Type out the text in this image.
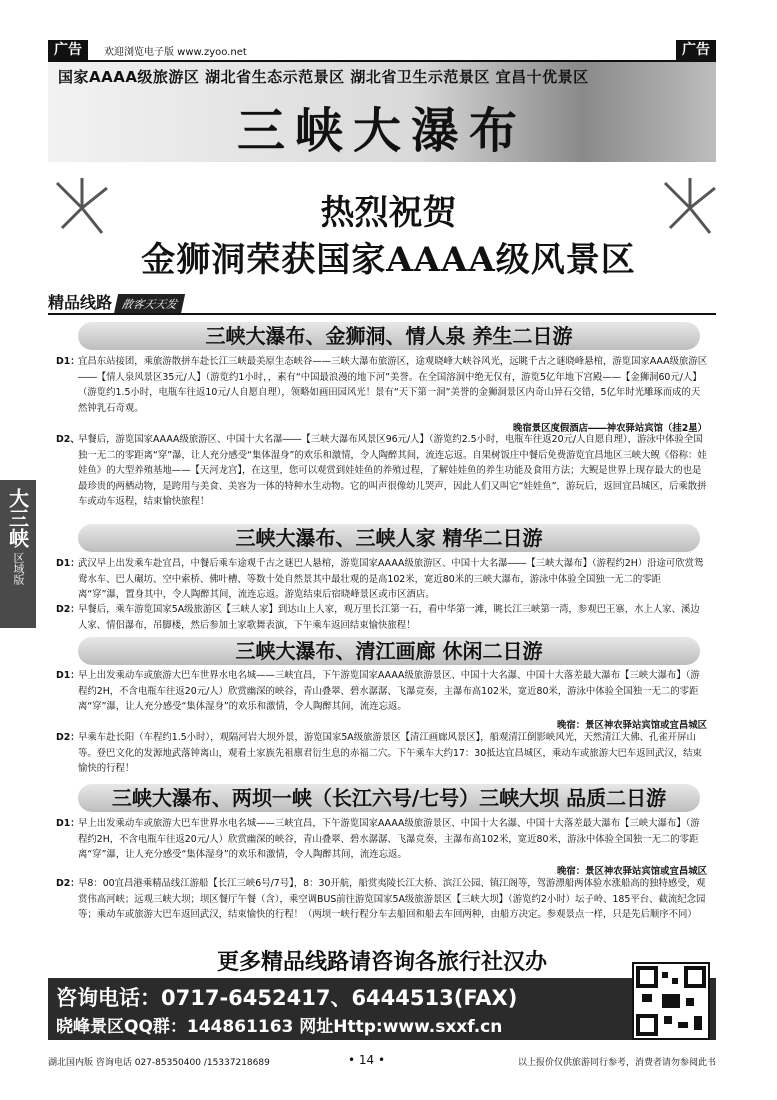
广告	欢迎浏览电子版 www.zyoo.net	广告
国家AAAA级旅游区 湖北省生态示范景区 湖北省卫生示范景区 宜昌十优景区
三峡大瀑布
热烈祝贺
金狮洞荣获国家AAAA级风景区
精品线路 散客天天发
大三峡
区域版
三峡大瀑布、金狮洞、情人泉 养生二日游
D1：
宜昌东站接团，乘旅游散拼车赴长江三峡最美原生态峡谷——三峡大瀑布旅游区，途观晓峰大峡谷风光，远眺千古之谜晓峰悬棺，游览国家AAA级旅游区――【情人泉风景区35元/人】（游览约1小时，，素有“中国最浪漫的地下河”美誉。在全国溶洞中绝无仅有，游览5亿年地下宫殿——【金狮洞60元/人】（游览约1.5小时，电瓶车往返10元/人自愿自理），领略如画田园风光！景有“天下第一洞”美誉的金狮洞景区内奇山异石交错，5亿年时光雕琢而成的天然钟乳石奇观。
晚宿景区度假酒店――神农驿站宾馆（挂2星）
D2、
早餐后，游览国家AAAA级旅游区、中国十大名瀑――【三峡大瀑布风景区96元/人】（游览约2.5小时，电瓶车往返20元/人自愿自理），游泳中体验全国独一无二的零距离“穿”瀑，让人充分感受“集体湿身”的欢乐和激情，令人陶醉其间，流连忘返。自果树饭庄中餐后免费游览宜昌地区三峡大鲵《俗称：娃娃鱼》的大型养殖基地——【天河龙宫】，在这里，您可以观赏到娃娃鱼的养殖过程，了解娃娃鱼的养生功能及食用方法；大鲵是世界上现存最大的也是最珍贵的两栖动物，是跨用与美食、美容为一体的特种水生动物。它的叫声很像幼儿哭声，因此人们又叫它“娃娃鱼”，游玩后，返回宜昌城区，后乘散拼车或动车返程，结束愉快旅程！
三峡大瀑布、三峡人家 精华二日游
D1：
武汉早上出发乘车赴宜昌，中餐后乘车途观千古之谜巴人悬棺，游览国家AAAA级旅游区、中国十大名瀑――【三峡大瀑布】（游程约2H）沿途可欣赏鸳鸯水车、巴人碾坊、空中索桥、佛叶槽、等数十处自然景其中最壮观的是高102米，宽近80米的三峡大瀑布，游泳中体验全国独一无二的零距离“穿”瀑，置身其中，令人陶醉其间，流连忘返。游览结束后宿晓峰景区或市区酒店。
D2：
早餐后，乘车游览国家5A级旅游区【三峡人家】到达山上人家，观万里长江第一石，看中华第一滩，眺长江三峡第一湾，参观巴王寨，水上人家、溪边人家、情侣瀑布，吊脚楼，然后参加土家歌舞表演，下午乘车返回结束愉快旅程！
三峡大瀑布、清江画廊 休闲二日游
D1：
早上出发乘动车或旅游大巴车世界水电名城——三峡宜昌，下午游览国家AAAA级旅游景区、中国十大名瀑、中国十大落差最大瀑布【三峡大瀑布】（游程约2H，不含电瓶车往返20元/人）欣赏幽深的峡谷，青山叠翠、碧水潺潺、飞瀑竞奏，主瀑布高102米，宽近80米，游泳中体验全国独一无二的零距离“穿”瀑，让人充分感受“集体湿身”的欢乐和激情，令人陶醉其间，流连忘返。
晚宿：景区神农驿站宾馆或宜昌城区
D2：
早乘车赴长阳（车程约1.5小时），观隔河岩大坝外景，游览国家5A级旅游景区【清江画廊风景区】，船观清江倒影峡风光，天然清江大佛、孔雀开屏山等。登巴文化的发源地武落钟离山，观看土家族先祖廪君衍生息的赤福二穴。下午乘车大约17：30抵达宜昌城区，乘动车或旅游大巴车返回武汉，结束愉快的行程！
三峡大瀑布、两坝一峡（长江六号/七号）三峡大坝 品质二日游
D1：
早上出发乘动车或旅游大巴车世界水电名城——三峡宜昌，下午游览国家AAAA级旅游景区、中国十大名瀑、中国十大落差最大瀑布【三峡大瀑布】（游程约2H，不含电瓶车往返20元/人）欣赏幽深的峡谷，青山叠翠、碧水潺潺、飞瀑竞奏，主瀑布高102米，宽近80米，游泳中体验全国独一无二的零距离“穿”瀑，让人充分感受“集体湿身”的欢乐和激情，令人陶醉其间，流连忘返。
晚宿：景区神农驿站宾馆或宜昌城区
D2：
早8：00宜昌港乘精品线江游船【长江三峡6号/7号】，8：30开航，船赏夷陵长江大桥、滨江公园、镇江阁等，驾游漂船两体验水涨船高的独特感受，观赏伟高河峡；远观三峡大坝；坝区餐厅午餐（含），乘空调BUS前往游览国家5A级旅游景区【三峡大坝】（游览约2小时）坛子岭、185平台、截流纪念园等；乘动车或旅游大巴车返回武汉，结束愉快的行程！（两坝一峡行程分车去船回和船去车回两种，由船方决定。参观景点一样，只是先后顺序不同）
更多精品线路请咨询各旅行社汉办
咨询电话：0717-6452417、6444513(FAX)
晓峰景区QQ群：144861163 网址Http:www.sxxf.cn
湖北国内版 咨询电话 027-85350400 /15337218689	• 14 •	以上报价仅供旅游同行参考，消费者请勿参阅此书
